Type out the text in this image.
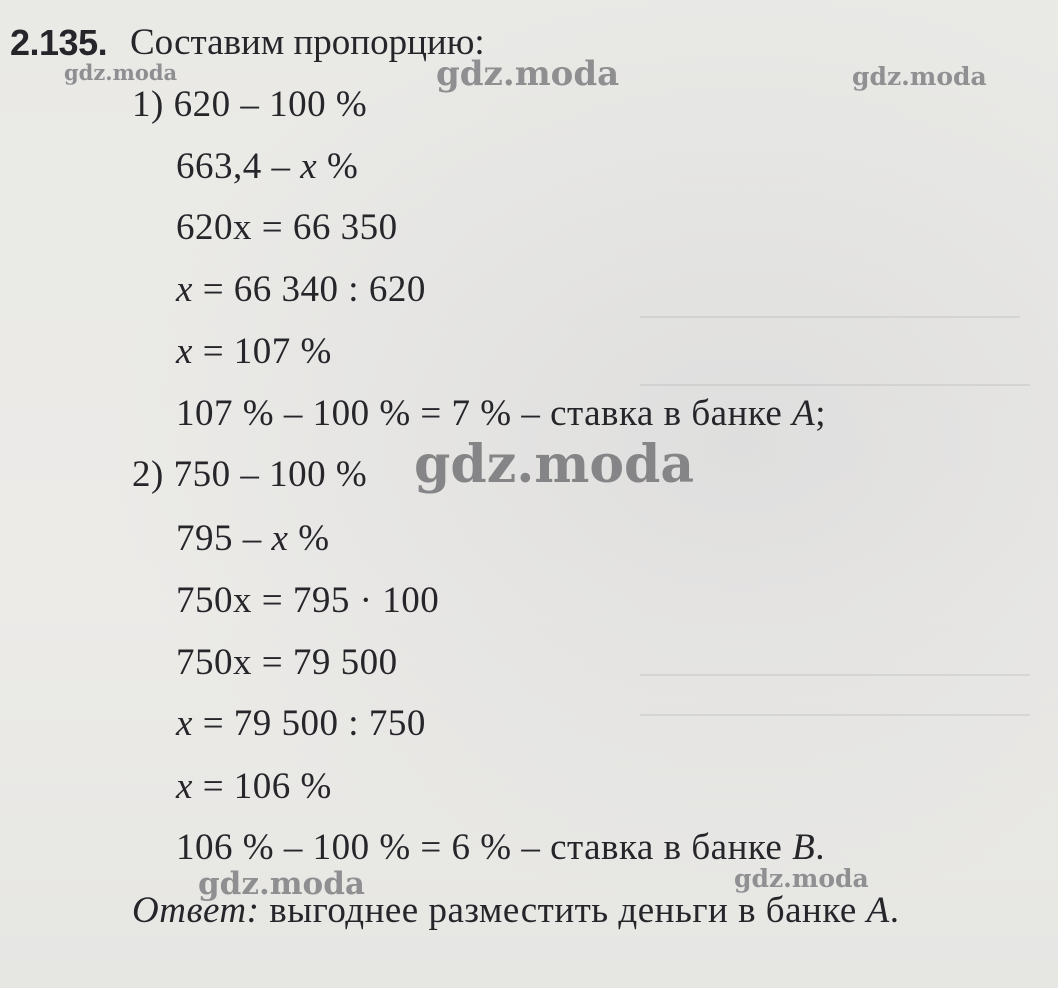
2.135. Составим пропорцию:
1) 620 – 100 %
663,4 – x %
620x = 66 350
x = 66 340 : 620
x = 107 %
107 % – 100 % = 7 % – ставка в банке A;
2) 750 – 100 %
795 – x %
750x = 795 · 100
750x = 79 500
x = 79 500 : 750
x = 106 %
106 % – 100 % = 6 % – ставка в банке B.
Ответ: выгоднее разместить деньги в банке A.
gdz.moda	gdz.moda	gdz.moda
gdz.moda
gdz.moda	gdz.moda
